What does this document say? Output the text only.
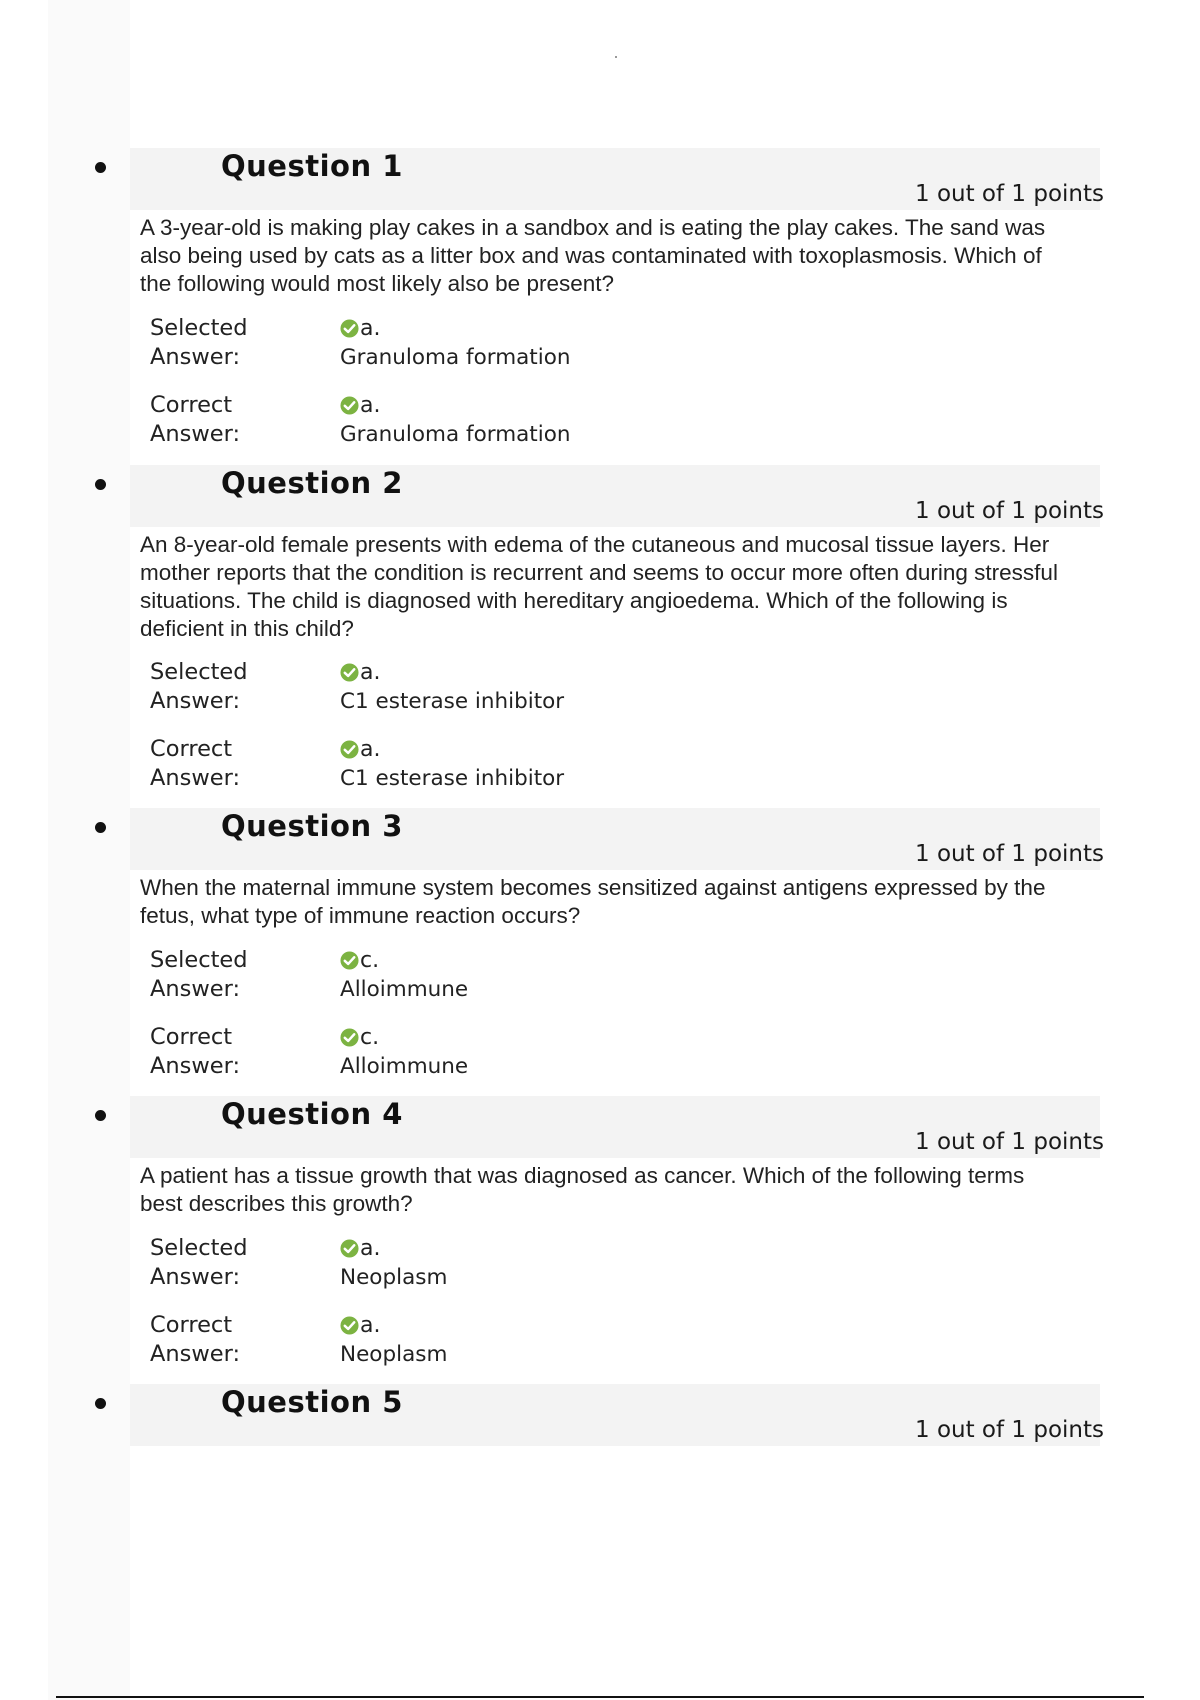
Question 1
1 out of 1 points
A 3-year-old is making play cakes in a sandbox and is eating the play cakes. The sand was also being used by cats as a litter box and was contaminated with toxoplasmosis. Which of the following would most likely also be present?
Selected
Answer:
a.
Granuloma formation
Correct
Answer:
a.
Granuloma formation
Question 2
1 out of 1 points
An 8-year-old female presents with edema of the cutaneous and mucosal tissue layers. Her mother reports that the condition is recurrent and seems to occur more often during stressful situations. The child is diagnosed with hereditary angioedema. Which of the following is deficient in this child?
Selected
Answer:
a.
C1 esterase inhibitor
Correct
Answer:
a.
C1 esterase inhibitor
Question 3
1 out of 1 points
When the maternal immune system becomes sensitized against antigens expressed by the fetus, what type of immune reaction occurs?
Selected
Answer:
c.
Alloimmune
Correct
Answer:
c.
Alloimmune
Question 4
1 out of 1 points
A patient has a tissue growth that was diagnosed as cancer. Which of the following terms best describes this growth?
Selected
Answer:
a.
Neoplasm
Correct
Answer:
a.
Neoplasm
Question 5
1 out of 1 points
